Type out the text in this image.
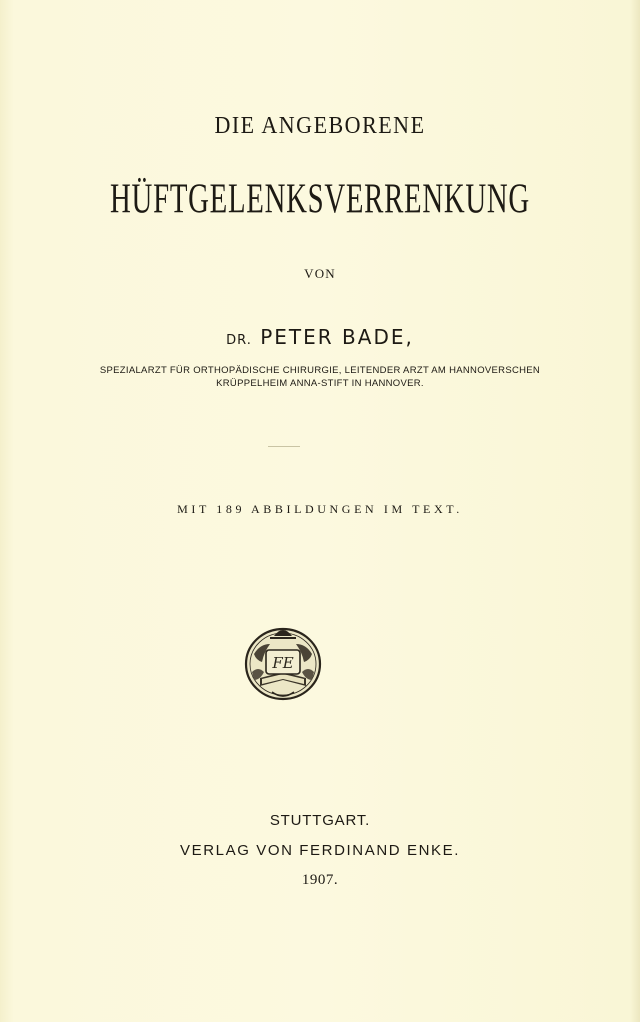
DIE ANGEBORENE
HÜFTGELENKSVERRENKUNG
VON
DR. PETER BADE,
SPEZIALARZT FÜR ORTHOPÄDISCHE CHIRURGIE, LEITENDER ARZT AM HANNOVERSCHEN
KRÜPPELHEIM ANNA-STIFT IN HANNOVER.
MIT 189 ABBILDUNGEN IM TEXT.
FE
STUTTGART.
VERLAG VON FERDINAND ENKE.
1907.
